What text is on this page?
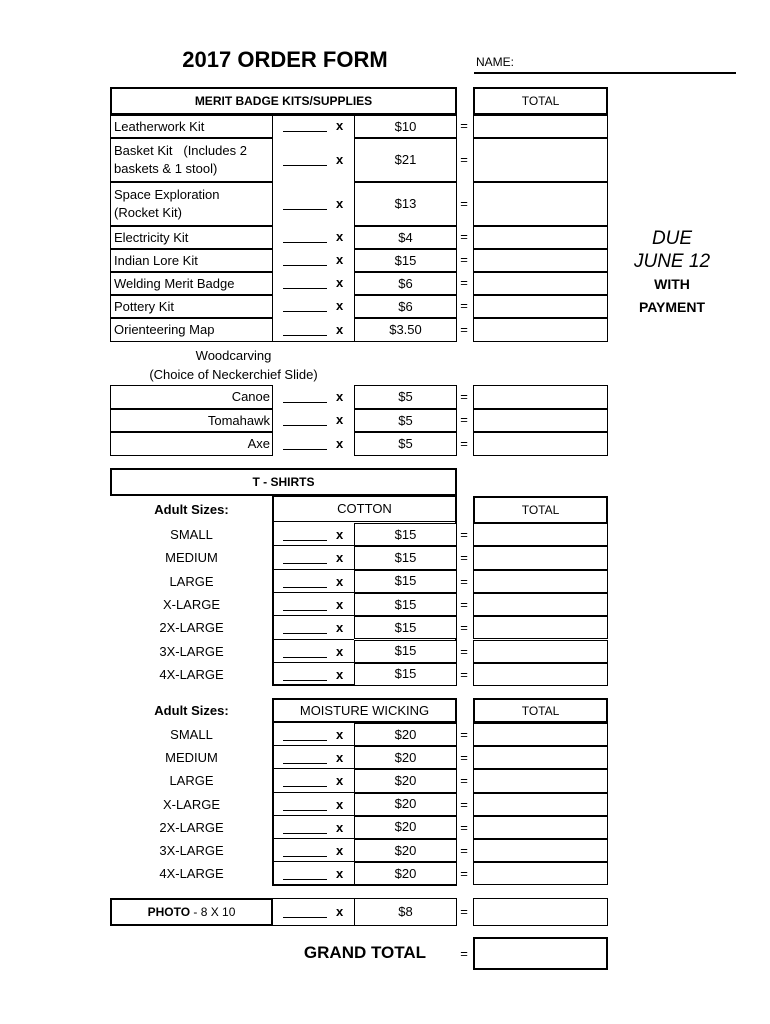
2017 ORDER FORM	NAME:
DUE
JUNE 12
WITH
PAYMENT
MERIT BADGE KITS/SUPPLIES	TOTAL
Leatherwork Kit	x	$10	=
Basket Kit   (Includes 2
baskets & 1 stool)
x	$21	=
Space Exploration
(Rocket Kit)
x	$13	=
Electricity Kit	x	$4	=
Indian Lore Kit	x	$15	=
Welding Merit Badge	x	$6	=
Pottery Kit	x	$6	=
Orienteering Map	x	$3.50	=
Woodcarving
(Choice of Neckerchief Slide)
Canoe	x	$5	=
Tomahawk	x	$5	=
Axe	x	$5	=
T - SHIRTS
Adult Sizes:	COTTON	TOTAL
SMALL	x	$15	=
MEDIUM	x	$15	=
LARGE	x	$15	=
X-LARGE	x	$15	=
2X-LARGE	x	$15	=
3X-LARGE	x	$15	=
4X-LARGE	x	$15	=
Adult Sizes:	MOISTURE WICKING	TOTAL
SMALL	x	$20	=
MEDIUM	x	$20	=
LARGE	x	$20	=
X-LARGE	x	$20	=
2X-LARGE	x	$20	=
3X-LARGE	x	$20	=
4X-LARGE	x	$20	=
PHOTO - 8 X 10	x	$8	=
GRAND TOTAL	=
